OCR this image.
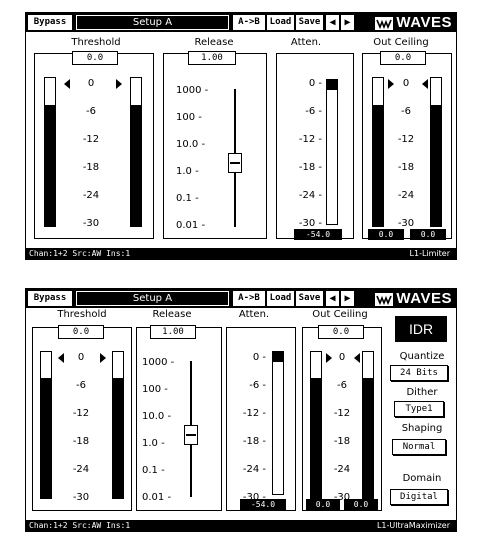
Bypass	Setup A	A->B	Load Save ◀ ▶	WAVES
Threshold
0.0
Release
1.00
Atten.
-54.0
Out Ceiling
0.0
0.0	0.0
Chan:1+2 Src:AW Ins:1	L1-Limiter
0
-6
-12
-18
-24
-30
1000 -
100 -
10.0 -
1.0 -
0.1 -
0.01 -
0 -
-6 -
-12 -
-18 -
-24 -
-30 -
0
-6
-12
-18
-24
-30
Bypass	Setup A	A->B	Load Save ◀ ▶	WAVES
Threshold
0.0
Release
1.00
Atten.
-54.0
Out Ceiling
0.0
0.0	0.0
IDR
Quantize
24 Bits
Dither
Type1
Shaping
Normal
Domain
Digital
Chan:1+2 Src:AW Ins:1	L1-UltraMaximizer
0
-6
-12
-18
-24
-30
1000 -
100 -
10.0 -
1.0 -
0.1 -
0.01 -
0 -
-6 -
-12 -
-18 -
-24 -
-30 -
0
-6
-12
-18
-24
-30
